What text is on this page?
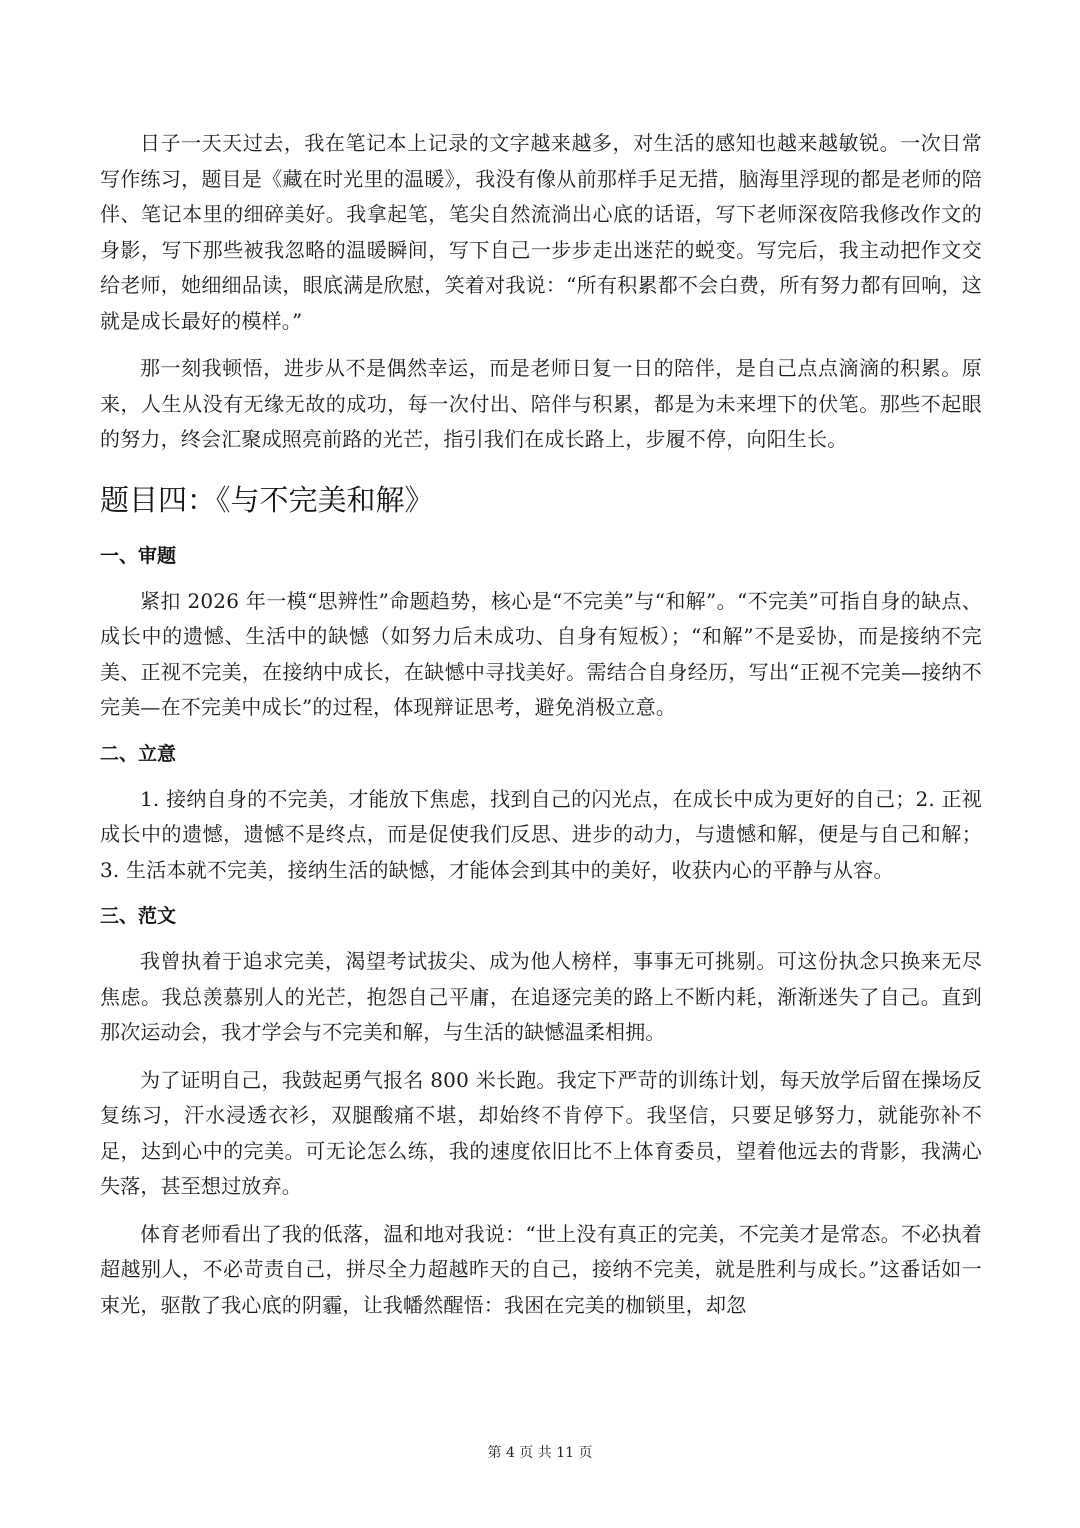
日子一天天过去，我在笔记本上记录的文字越来越多，对生活的感知也越来越敏锐。一次日常写作练习，题目是《藏在时光里的温暖》，我没有像从前那样手足无措，脑海里浮现的都是老师的陪伴、笔记本里的细碎美好。我拿起笔，笔尖自然流淌出心底的话语，写下老师深夜陪我修改作文的身影，写下那些被我忽略的温暖瞬间，写下自己一步步走出迷茫的蜕变。写完后，我主动把作文交给老师，她细细品读，眼底满是欣慰，笑着对我说：“所有积累都不会白费，所有努力都有回响，这就是成长最好的模样。”

那一刻我顿悟，进步从不是偶然幸运，而是老师日复一日的陪伴，是自己点点滴滴的积累。原来，人生从没有无缘无故的成功，每一次付出、陪伴与积累，都是为未来埋下的伏笔。那些不起眼的努力，终会汇聚成照亮前路的光芒，指引我们在成长路上，步履不停，向阳生长。

题目四：《与不完美和解》
一、审题

紧扣 2026 年一模“思辨性”命题趋势，核心是“不完美”与“和解”。“不完美”可指自身的缺点、成长中的遗憾、生活中的缺憾（如努力后未成功、自身有短板）；“和解”不是妥协，而是接纳不完美、正视不完美，在接纳中成长，在缺憾中寻找美好。需结合自身经历，写出“正视不完美—接纳不完美—在不完美中成长”的过程，体现辩证思考，避免消极立意。

二、立意

1. 接纳自身的不完美，才能放下焦虑，找到自己的闪光点，在成长中成为更好的自己；2. 正视成长中的遗憾，遗憾不是终点，而是促使我们反思、进步的动力，与遗憾和解，便是与自己和解；3. 生活本就不完美，接纳生活的缺憾，才能体会到其中的美好，收获内心的平静与从容。

三、范文

我曾执着于追求完美，渴望考试拔尖、成为他人榜样，事事无可挑剔。可这份执念只换来无尽焦虑。我总羡慕别人的光芒，抱怨自己平庸，在追逐完美的路上不断内耗，渐渐迷失了自己。直到那次运动会，我才学会与不完美和解，与生活的缺憾温柔相拥。

为了证明自己，我鼓起勇气报名 800 米长跑。我定下严苛的训练计划，每天放学后留在操场反复练习，汗水浸透衣衫，双腿酸痛不堪，却始终不肯停下。我坚信，只要足够努力，就能弥补不足，达到心中的完美。可无论怎么练，我的速度依旧比不上体育委员，望着他远去的背影，我满心失落，甚至想过放弃。

体育老师看出了我的低落，温和地对我说：“世上没有真正的完美，不完美才是常态。不必执着超越别人，不必苛责自己，拼尽全力超越昨天的自己，接纳不完美，就是胜利与成长。”这番话如一束光，驱散了我心底的阴霾，让我幡然醒悟：我困在完美的枷锁里，却忽

第 4 页 共 11 页
